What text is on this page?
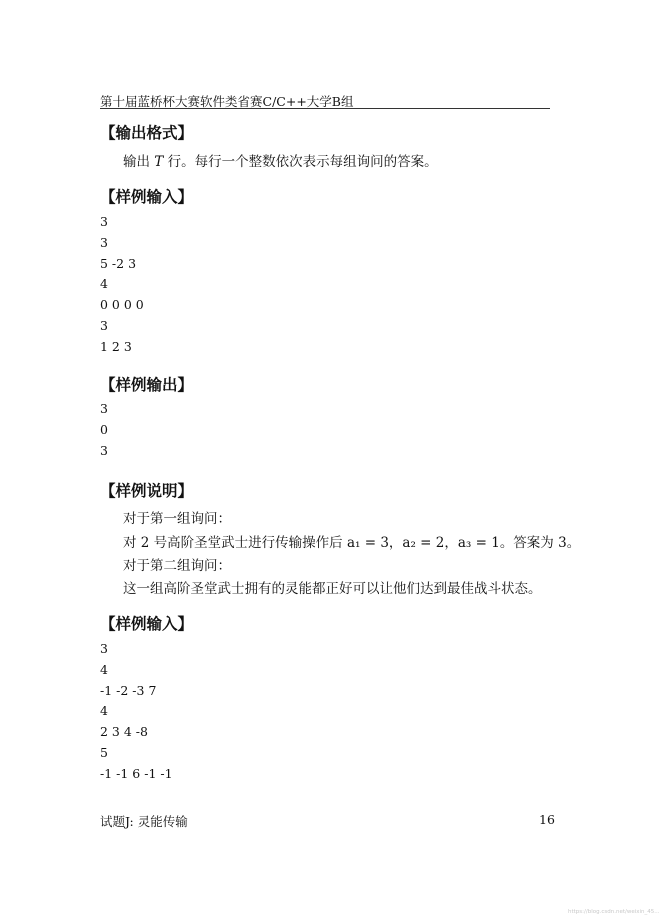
第十届蓝桥杯大赛软件类省赛C/C++大学B组
【输出格式】
输出 T 行。每行一个整数依次表示每组询问的答案。
【样例输入】
3
3
5 -2 3
4
0 0 0 0
3
1 2 3
【样例输出】
3
0
3
【样例说明】
对于第一组询问：
对 2 号高阶圣堂武士进行传输操作后 a₁ = 3，a₂ = 2，a₃ = 1。答案为 3。
对于第二组询问：
这一组高阶圣堂武士拥有的灵能都正好可以让他们达到最佳战斗状态。
【样例输入】
3
4
-1 -2 -3 7
4
2 3 4 -8
5
-1 -1 6 -1 -1
试题J: 灵能传输	16
https://blog.csdn.net/weixin_45...
